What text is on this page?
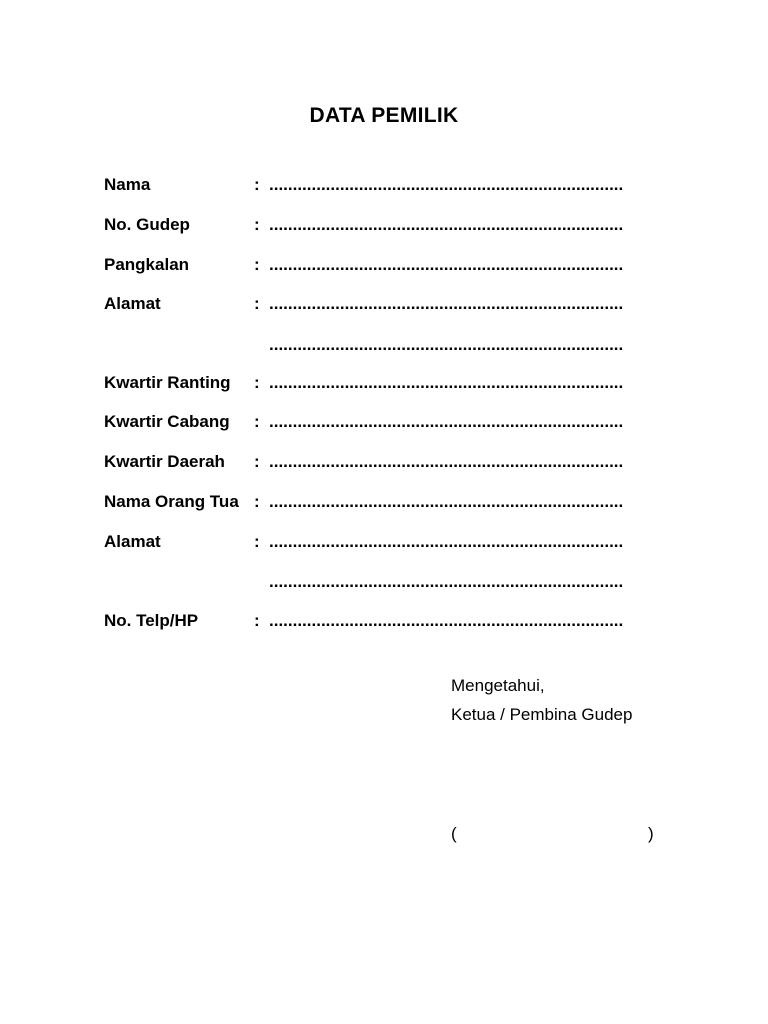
DATA PEMILIK
Nama	: ...........................................................................
No. Gudep	: ...........................................................................
Pangkalan	: ...........................................................................
Alamat	: ...........................................................................
...........................................................................
Kwartir Ranting : ...........................................................................
Kwartir Cabang : ...........................................................................
Kwartir Daerah : ...........................................................................
Nama Orang Tua : ...........................................................................
Alamat	: ...........................................................................
...........................................................................
No. Telp/HP	: ...........................................................................
Mengetahui,
Ketua / Pembina Gudep
(	)
